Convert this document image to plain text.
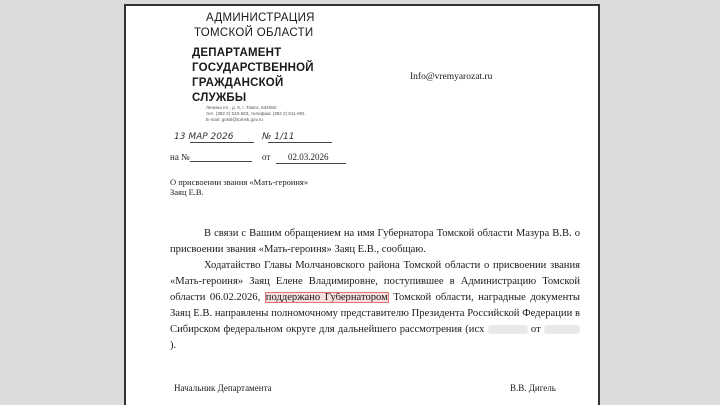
АДМИНИСТРАЦИЯ
ТОМСКОЙ ОБЛАСТИ
ДЕПАРТАМЕНТ
ГОСУДАРСТВЕННОЙ
ГРАЖДАНСКОЙ
СЛУЖБЫ
Ленина пл., д. 6, г. Томск, 634050
тел. (382 2) 510-583, телефакс (382 2) 511-891
E-mail: gossl@tomsk.gov.ru
Info@vremyarozat.ru
13 МАР 2026	№ 1/11
на №	от 02.03.2026
О присвоении звания «Мать-героиня»
Заяц Е.В.

В связи с Вашим обращением на имя Губернатора Томской области Мазура В.В. о присвоении звания «Мать-героиня» Заяц Е.В., сообщаю.

Ходатайство Главы Молчановского района Томской области о присвоении звания «Мать-героиня» Заяц Елене Владимировне, поступившее в Администрацию Томской области 06.02.2026, поддержано Губернатором Томской области, наградные документы Заяц Е.В. направлены полномочному представителю Президента Российской Федерации в Сибирском федеральном округе для дальнейшего рассмотрения (исх	от ).

Начальник Департамента	В.В. Дигель
